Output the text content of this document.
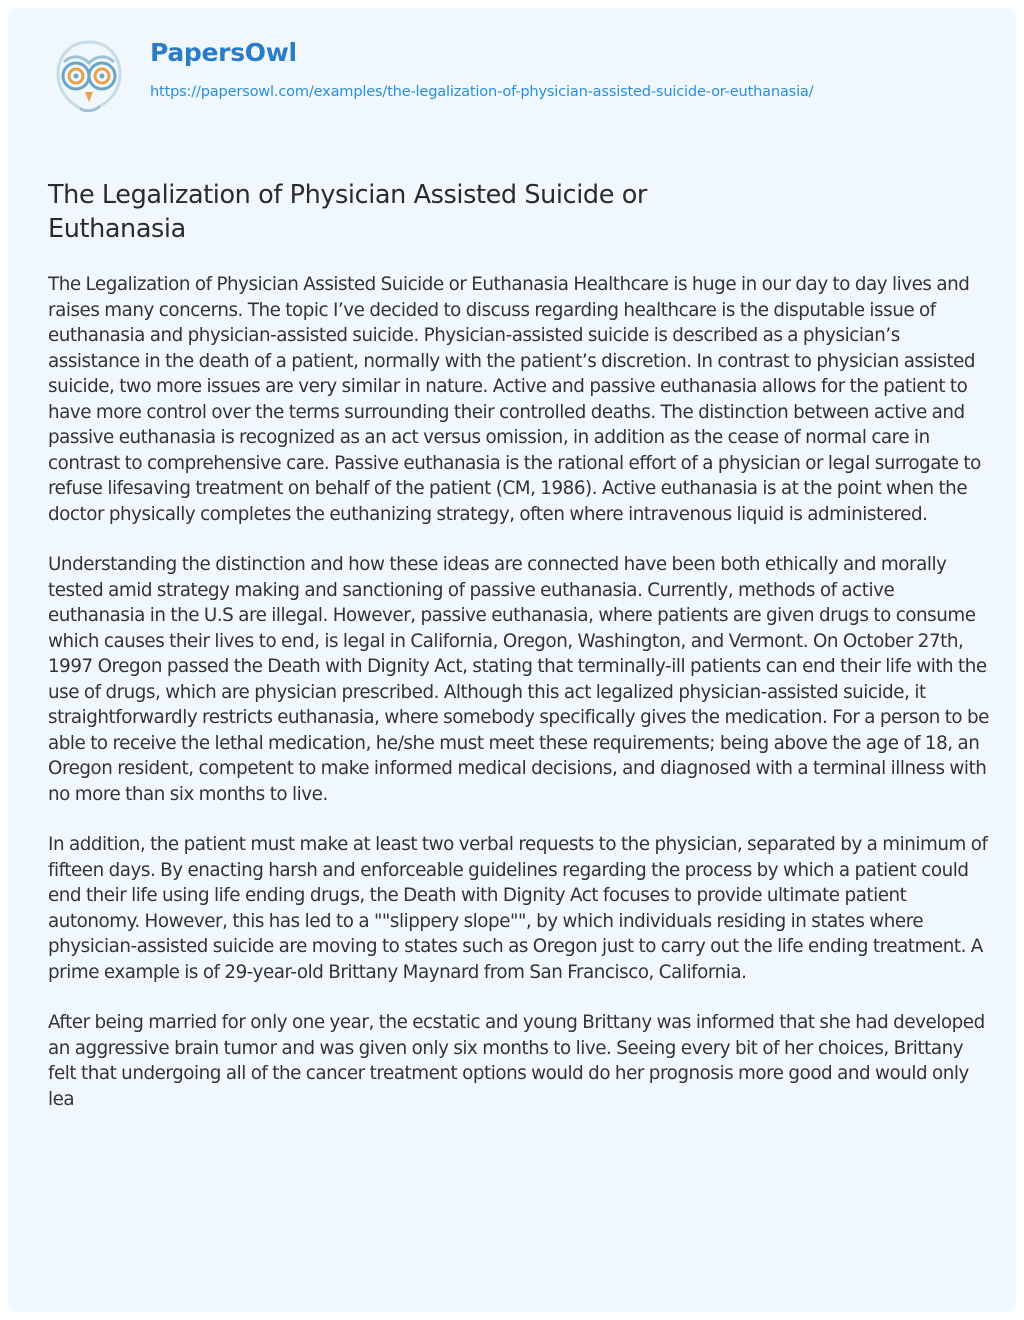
PapersOwl
https://papersowl.com/examples/the-legalization-of-physician-assisted-suicide-or-euthanasia/
The Legalization of Physician Assisted Suicide or Euthanasia

The Legalization of Physician Assisted Suicide or Euthanasia Healthcare is huge in our day to day lives and raises many concerns. The topic I’ve decided to discuss regarding healthcare is the disputable issue of euthanasia and physician-assisted suicide. Physician-assisted suicide is described as a physician’s assistance in the death of a patient, normally with the patient’s discretion. In contrast to physician assisted suicide, two more issues are very similar in nature. Active and passive euthanasia allows for the patient to have more control over the terms surrounding their controlled deaths. The distinction between active and passive euthanasia is recognized as an act versus omission, in addition as the cease of normal care in contrast to comprehensive care. Passive euthanasia is the rational effort of a physician or legal surrogate to refuse lifesaving treatment on behalf of the patient (CM, 1986). Active euthanasia is at the point when the doctor physically completes the euthanizing strategy, often where intravenous liquid is administered.

Understanding the distinction and how these ideas are connected have been both ethically and morally tested amid strategy making and sanctioning of passive euthanasia. Currently, methods of active euthanasia in the U.S are illegal. However, passive euthanasia, where patients are given drugs to consume which causes their lives to end, is legal in California, Oregon, Washington, and Vermont. On October 27th, 1997 Oregon passed the Death with Dignity Act, stating that terminally-ill patients can end their life with the use of drugs, which are physician prescribed. Although this act legalized physician-assisted suicide, it straightforwardly restricts euthanasia, where somebody specifically gives the medication. For a person to be able to receive the lethal medication, he/she must meet these requirements; being above the age of 18, an Oregon resident, competent to make informed medical decisions, and diagnosed with a terminal illness with no more than six months to live.

In addition, the patient must make at least two verbal requests to the physician, separated by a minimum of fifteen days. By enacting harsh and enforceable guidelines regarding the process by which a patient could end their life using life ending drugs, the Death with Dignity Act focuses to provide ultimate patient autonomy. However, this has led to a ""slippery slope"", by which individuals residing in states where physician-assisted suicide are moving to states such as Oregon just to carry out the life ending treatment. A prime example is of 29-year-old Brittany Maynard from San Francisco, California.

After being married for only one year, the ecstatic and young Brittany was informed that she had developed an aggressive brain tumor and was given only six months to live. Seeing every bit of her choices, Brittany felt that undergoing all of the cancer treatment options would do her prognosis more good and would only lea
